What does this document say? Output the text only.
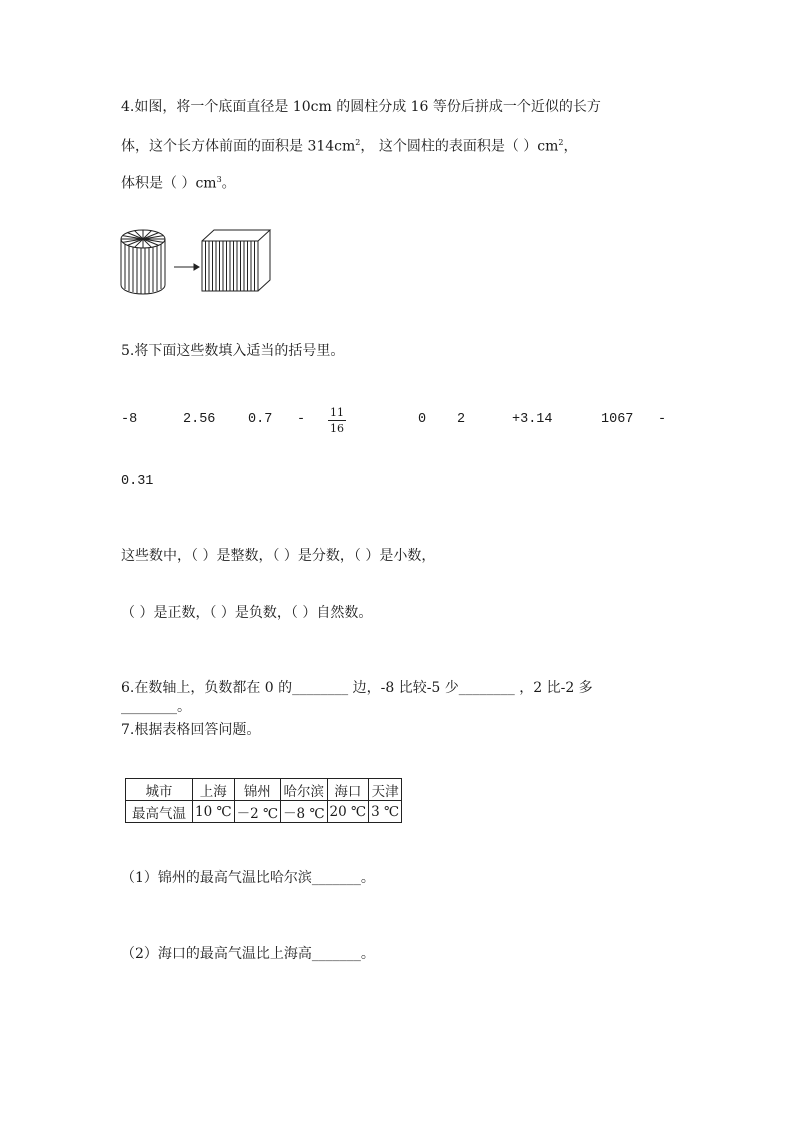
4.如图，将一个底面直径是 10cm 的圆柱分成 16 等份后拼成一个近似的长方
体，这个长方体前面的面积是 $314cm^2$， 这个圆柱的表面积是（ ）$cm^2$，
体积是（ ）$cm^3$。
5.将下面这些数填入适当的括号里。
-8	2.56 0.7 -	11
16
0 2	+3.14	1067 -
0.31
这些数中，（ ）是整数，（ ）是分数，（ ）是小数，
（ ）是正数，（ ）是负数，（ ）自然数。
6.在数轴上，负数都在 0 的________ 边，-8 比较-5 少________ ，2 比-2 多
________。
7.根据表格回答问题。
城市	上海	锦州	哈尔滨	海口	天津
最高气温	10 ℃	－2 ℃	－8 ℃	20 ℃	3 ℃
（1）锦州的最高气温比哈尔滨_______。
（2）海口的最高气温比上海高_______。
